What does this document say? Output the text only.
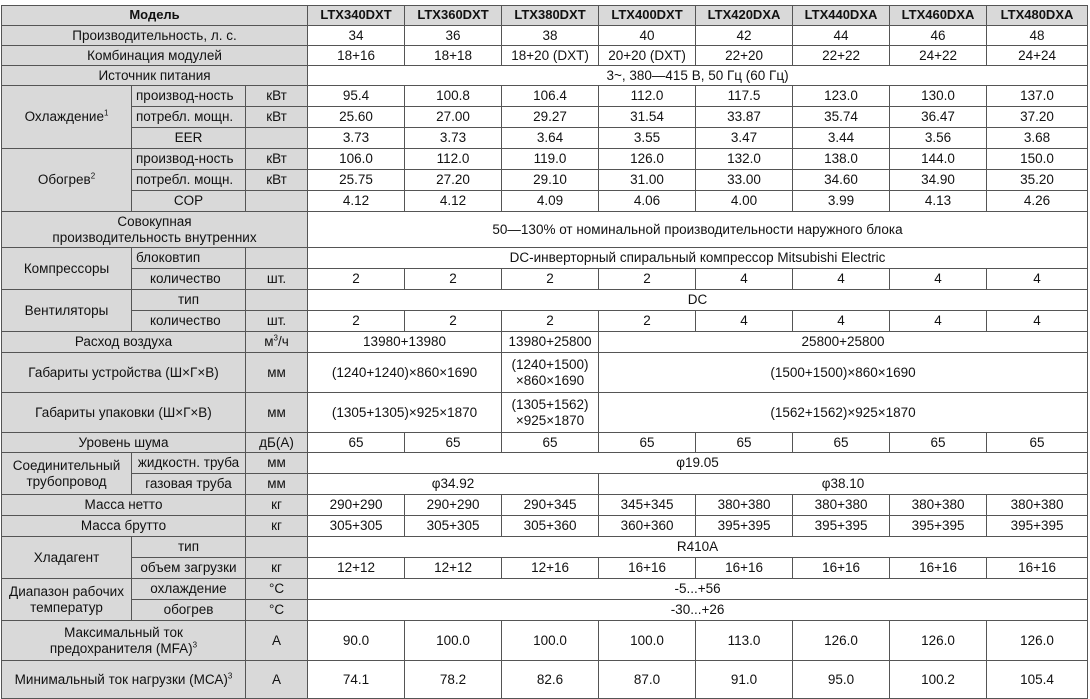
Модель			LTX340DXT	LTX360DXT	LTX380DXT	LTX400DXT	LTX420DXA	LTX440DXA	LTX460DXA	LTX480DXA
Производительность, л. с.			34	36	38	40	42	44	46	48
Комбинация модулей			18+16	18+18	18+20 (DXT)	20+20 (DXT)	22+20	22+22	24+22	24+24
Источник питания			3~, 380—415 В, 50 Гц (60 Гц)							
Охлаждение$^1$	производ-ность	кВт	95.4	100.8	106.4	112.0	117.5	123.0	130.0	137.0
	потребл. мощн.	кВт	25.60	27.00	29.27	31.54	33.87	35.74	36.47	37.20
	EER		3.73	3.73	3.64	3.55	3.47	3.44	3.56	3.68
Обогрев$^2$	производ-ность	кВт	106.0	112.0	119.0	126.0	132.0	138.0	144.0	150.0
	потребл. мощн.	кВт	25.75	27.20	29.10	31.00	33.00	34.60	34.90	35.20
	COP		4.12	4.12	4.09	4.06	4.00	3.99	4.13	4.26

Совокупная
производительность внутренних			50—130% от номинальной производительности наружного блока							
Компрессоры	блоковтип		DC-инверторный спиральный компрессор Mitsubishi Electric							
	количество	шт.	2	2	2	2	4	4	4	4
Вентиляторы	тип		DC							
	количество	шт.	2	2	2	2	4	4	4	4
Расход воздуха		$м^3/ч$	13980+13980		13980+25800	25800+25800				
Габариты устройства (Ш×Г×В)		мм	(1240+1240)×860×1690		(1240+1500)
×860×1690	(1500+1500)×860×1690				
Габариты упаковки (Ш×Г×В)		мм	(1305+1305)×925×1870		(1305+1562)
×925×1870	(1562+1562)×925×1870				
Уровень шума		дБ(А)	65	65	65	65	65	65	65	65

Соединительный
трубопровод	жидкостн. труба	мм	φ19.05							
	газовая труба	мм	φ34.92			φ38.10				
Масса нетто		кг	290+290	290+290	290+345	345+345	380+380	380+380	380+380	380+380
Масса брутто		кг	305+305	305+305	305+360	360+360	395+395	395+395	395+395	395+395
Хладагент	тип		R410A							
	объем загрузки	кг	12+12	12+12	12+16	16+16	16+16	16+16	16+16	16+16

Диапазон рабочих
температур	охлаждение	°С	-5...+56							
	обогрев	°С	-30...+26							

Максимальный ток
предохранителя (MFA)$^3$		А	90.0	100.0	100.0	100.0	113.0	126.0	126.0	126.0
Минимальный ток нагрузки (МСА)$^3$		А	74.1	78.2	82.6	87.0	91.0	95.0	100.2	105.4
